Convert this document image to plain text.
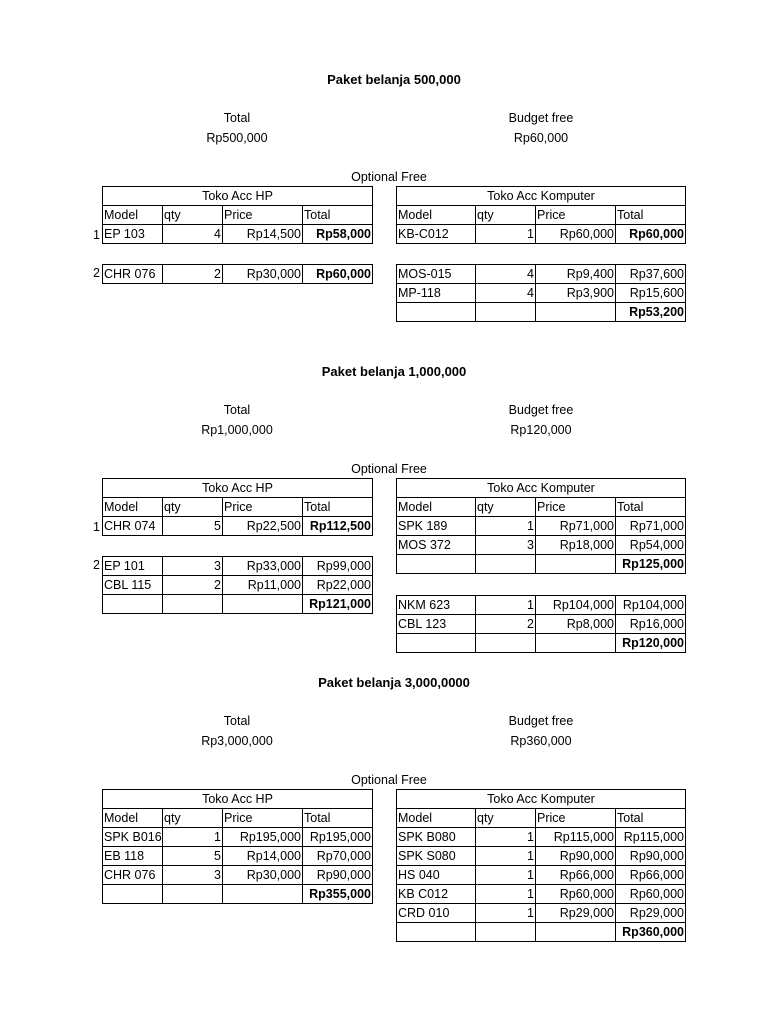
Paket belanja 500,000
Total
Rp500,000
Budget free
Rp60,000
Optional Free
1
2
Toko Acc HP			
Model	qty	Price	Total
EP 103	4	Rp14,500	Rp58,000
CHR 076	2	Rp30,000	Rp60,000
Toko Acc Komputer			
Model	qty	Price	Total
KB-C012	1	Rp60,000	Rp60,000
MOS-015	4	Rp9,400	Rp37,600
MP-118	4	Rp3,900	Rp15,600
			Rp53,200
Paket belanja 1,000,000
Total
Rp1,000,000
Budget free
Rp120,000
Optional Free
1
2
Toko Acc HP			
Model	qty	Price	Total
CHR 074	5	Rp22,500	Rp112,500
EP 101	3	Rp33,000	Rp99,000
CBL 115	2	Rp11,000	Rp22,000
			Rp121,000
Toko Acc Komputer			
Model	qty	Price	Total
SPK 189	1	Rp71,000	Rp71,000
MOS 372	3	Rp18,000	Rp54,000
			Rp125,000
NKM 623	1	Rp104,000	Rp104,000
CBL 123	2	Rp8,000	Rp16,000
			Rp120,000
Paket belanja 3,000,0000
Total
Rp3,000,000
Budget free
Rp360,000
Optional Free
Toko Acc HP			
Model	qty	Price	Total
SPK B016	1	Rp195,000	Rp195,000
EB 118	5	Rp14,000	Rp70,000
CHR 076	3	Rp30,000	Rp90,000
			Rp355,000
Toko Acc Komputer			
Model	qty	Price	Total
SPK B080	1	Rp115,000	Rp115,000
SPK S080	1	Rp90,000	Rp90,000
HS 040	1	Rp66,000	Rp66,000
KB C012	1	Rp60,000	Rp60,000
CRD 010	1	Rp29,000	Rp29,000
			Rp360,000
